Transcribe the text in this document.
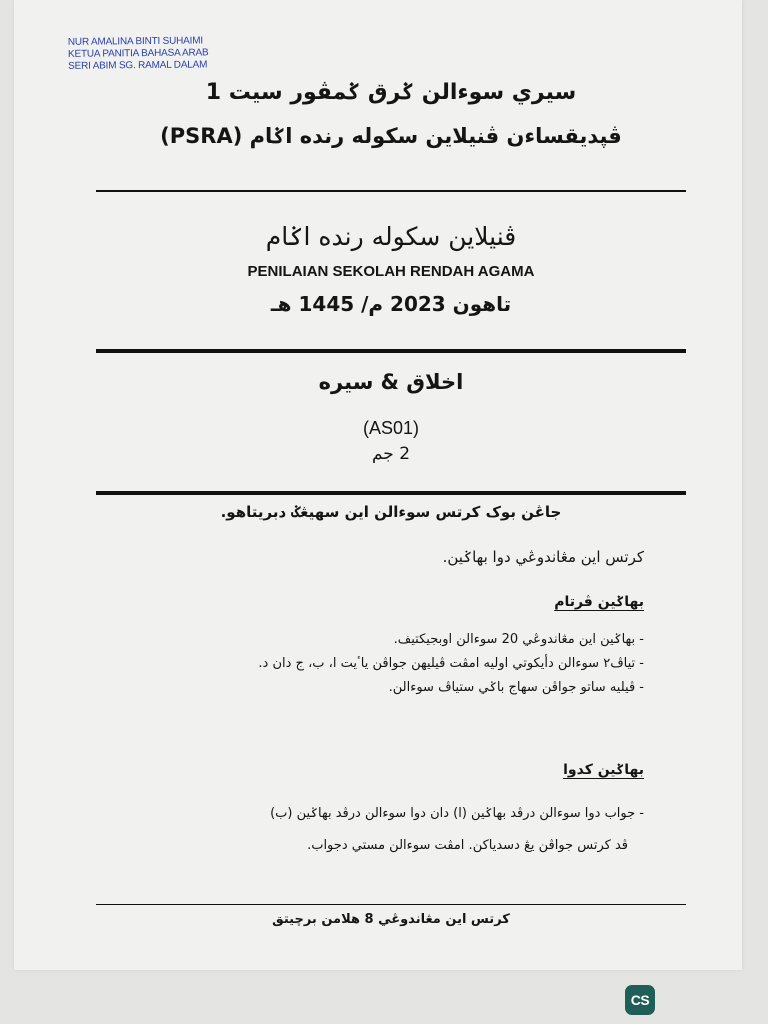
NUR AMALINA BINTI SUHAIMI
KETUA PANITIA BAHASA ARAB
SERI ABIM SG. RAMAL DALAM
سيري سوءالن ݢرق ݢمڤور سيت 1
ڤڽديقساءن ڤنيلاين سکوله رنده اݢام (PSRA)
ڤنيلاين سکوله رنده اݢام
PENILAIAN SEKOLAH RENDAH AGAMA
تاهون 2023 م/ 1445 هـ
اخلاق & سيره
(AS01)
2 جم
جاڠن بوک کرتس سوءالن اين سهيڠݢ دبريتاهو.
کرتس اين مڠاندوڠي دوا بهاݢين.
بهاݢين ڤرتام
- بهاݢين اين مڠاندوڠي 20 سوءالن اوبجيکتيف.
- تياڤ٢ سوءالن دأيکوتي اوليه امڤت ڤيليهن جواڤن ياٴيت ا، ب، ج دان د.
- ڤيليه ساتو جواڤن سهاج باݢي ستياڤ سوءالن.
بهاݢين کدوا
- جواب دوا سوءالن درڤد بهاݢين (ا) دان دوا سوءالن درڤد بهاݢين (ب)
ڤد کرتس جواڤن يڠ دسدياکن. امڤت سوءالن مستي دجواب.
کرتس اين مڠاندوڠي 8 هلامن برچيتق
CS
